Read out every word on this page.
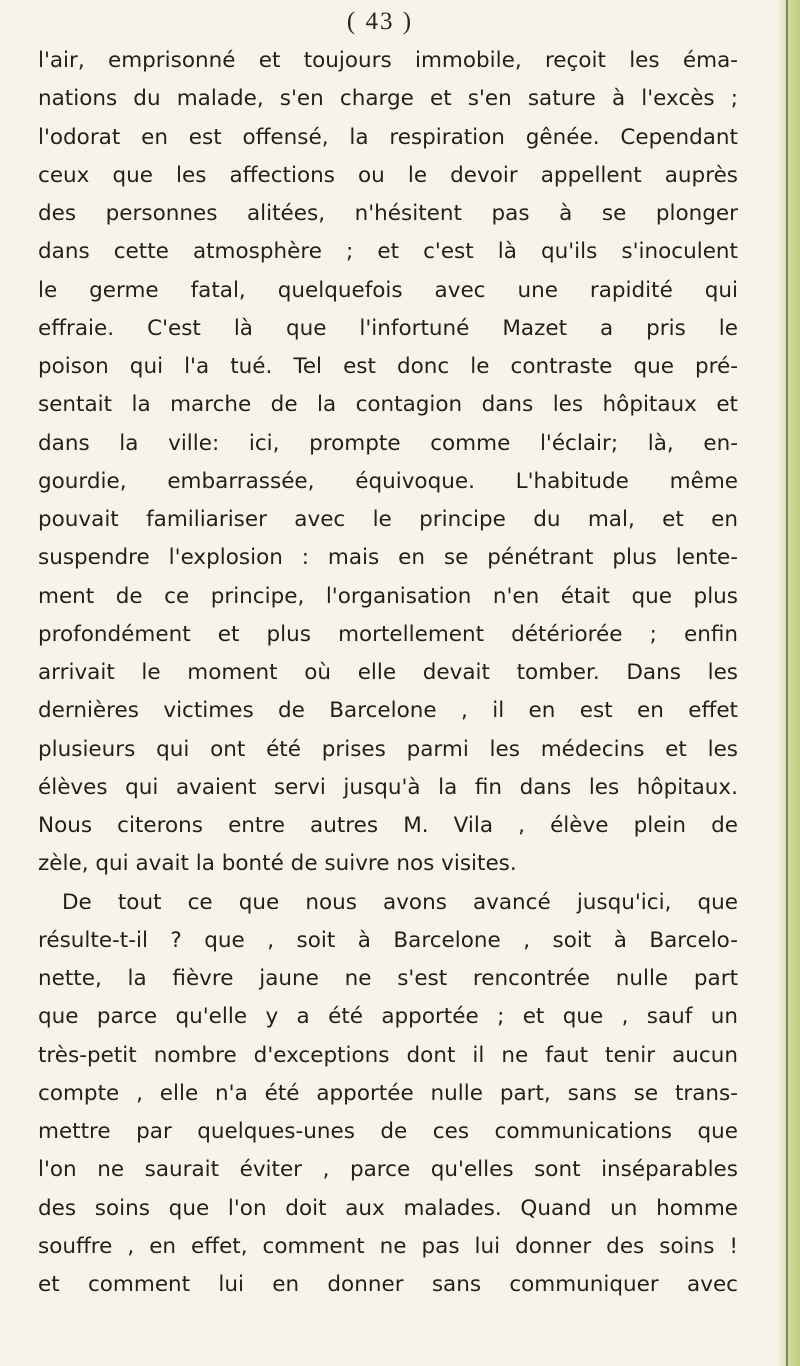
( 43 )
l'air, emprisonné et toujours immobile, reçoit les éma-
nations du malade, s'en charge et s'en sature à l'excès ;
l'odorat en est offensé, la respiration gênée. Cependant
ceux que les affections ou le devoir appellent auprès
des personnes alitées, n'hésitent pas à se plonger
dans cette atmosphère ; et c'est là qu'ils s'inoculent
le germe fatal, quelquefois avec une rapidité qui
effraie. C'est là que l'infortuné Mazet a pris le
poison qui l'a tué. Tel est donc le contraste que pré-
sentait la marche de la contagion dans les hôpitaux et
dans la ville: ici, prompte comme l'éclair; là, en-
gourdie, embarrassée, équivoque. L'habitude même
pouvait familiariser avec le principe du mal, et en
suspendre l'explosion : mais en se pénétrant plus lente-
ment de ce principe, l'organisation n'en était que plus
profondément et plus mortellement détériorée ; enfin
arrivait le moment où elle devait tomber. Dans les
dernières victimes de Barcelone , il en est en effet
plusieurs qui ont été prises parmi les médecins et les
élèves qui avaient servi jusqu'à la fin dans les hôpitaux.
Nous citerons entre autres M. Vila , élève plein de
zèle, qui avait la bonté de suivre nos visites.
De tout ce que nous avons avancé jusqu'ici, que
résulte-t-il ? que , soit à Barcelone , soit à Barcelo-
nette, la fièvre jaune ne s'est rencontrée nulle part
que parce qu'elle y a été apportée ; et que , sauf un
très-petit nombre d'exceptions dont il ne faut tenir aucun
compte , elle n'a été apportée nulle part, sans se trans-
mettre par quelques-unes de ces communications que
l'on ne saurait éviter , parce qu'elles sont inséparables
des soins que l'on doit aux malades. Quand un homme
souffre , en effet, comment ne pas lui donner des soins !
et comment lui en donner sans communiquer avec
